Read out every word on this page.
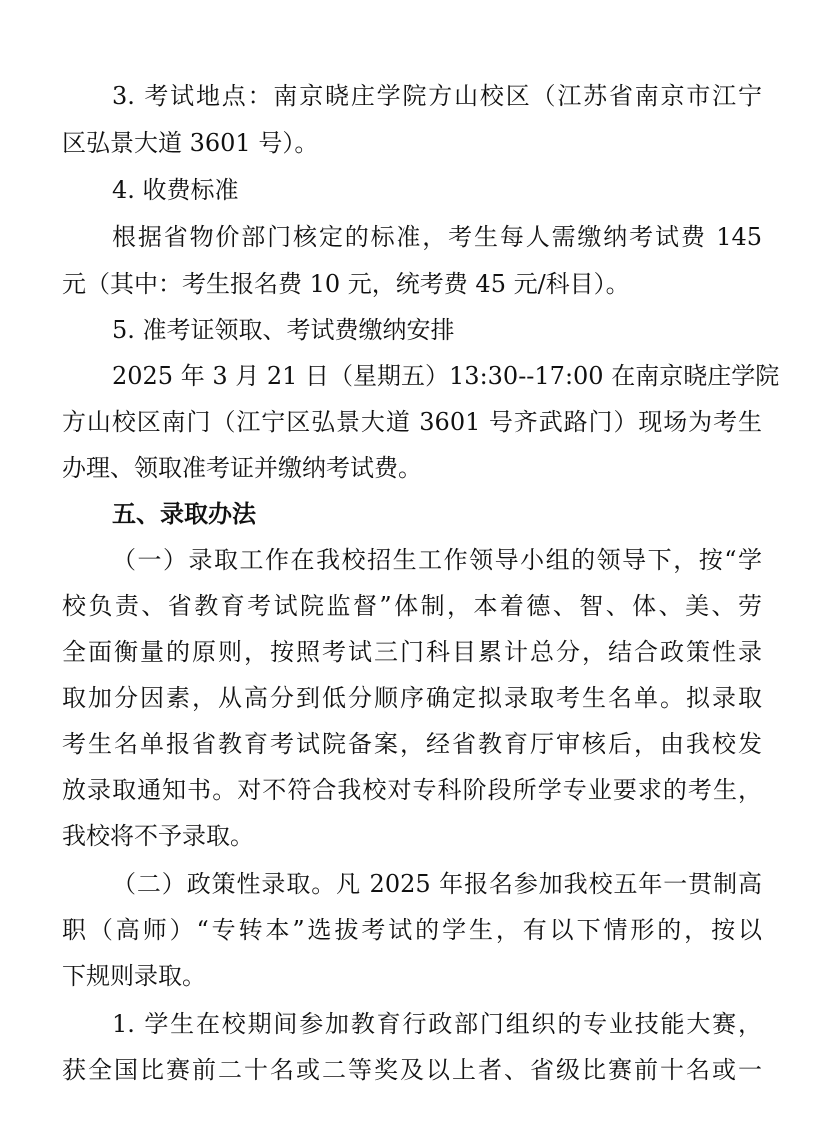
3. 考试地点：南京晓庄学院方山校区（江苏省南京市江宁
区弘景大道 3601 号）。
4. 收费标准
根据省物价部门核定的标准，考生每人需缴纳考试费 145
元（其中：考生报名费 10 元，统考费 45 元/科目）。
5. 准考证领取、考试费缴纳安排
2025 年 3 月 21 日（星期五）13:30--17:00 在南京晓庄学院
方山校区南门（江宁区弘景大道 3601 号齐武路门）现场为考生
办理、领取准考证并缴纳考试费。
五、录取办法
（一）录取工作在我校招生工作领导小组的领导下，按“学
校负责、省教育考试院监督”体制，本着德、智、体、美、劳
全面衡量的原则，按照考试三门科目累计总分，结合政策性录
取加分因素，从高分到低分顺序确定拟录取考生名单。拟录取
考生名单报省教育考试院备案，经省教育厅审核后，由我校发
放录取通知书。对不符合我校对专科阶段所学专业要求的考生，
我校将不予录取。
（二）政策性录取。凡 2025 年报名参加我校五年一贯制高
职（高师）“专转本”选拔考试的学生，有以下情形的，按以
下规则录取。
1. 学生在校期间参加教育行政部门组织的专业技能大赛，
获全国比赛前二十名或二等奖及以上者、省级比赛前十名或一
